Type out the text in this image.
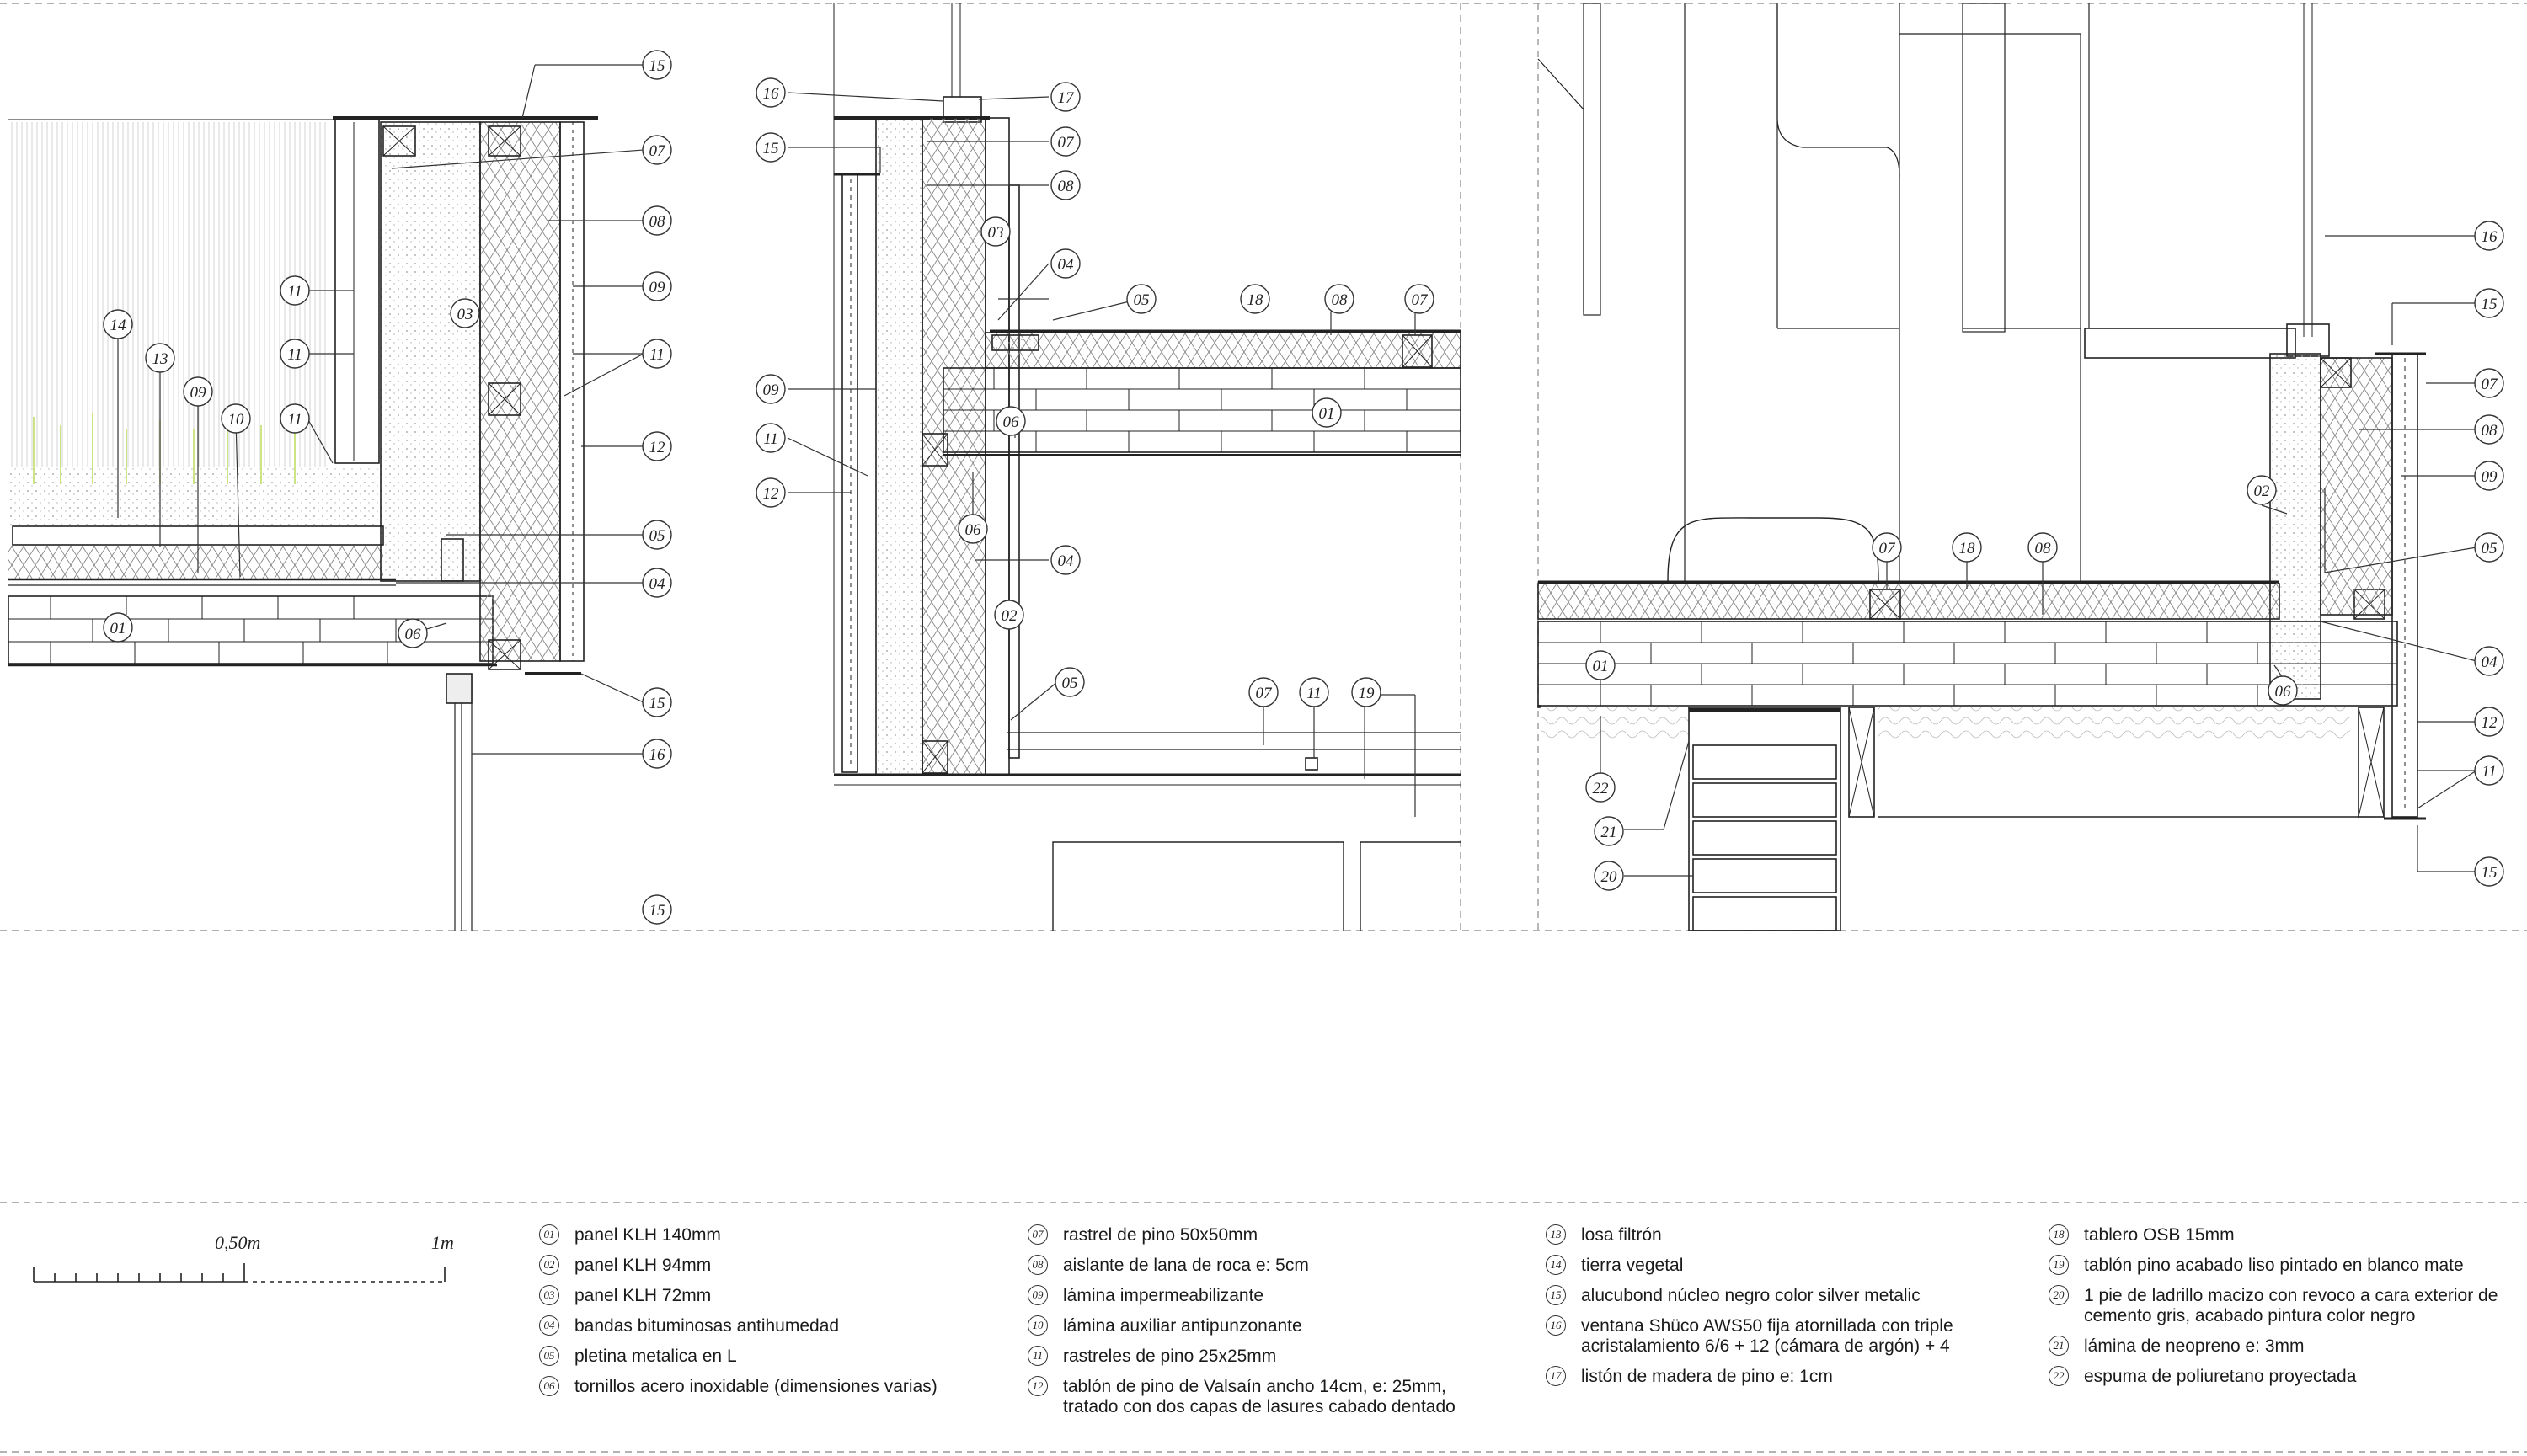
15
07
08
09
11
11	11
03
14
13
09
10	11
15
05
04
01	06
15
16
12
16	17
15	07
08
03
04
05	18	08	07
09
11
12
06	01
06
04
02
05
07 11 19
16
15
07
08
09
02
05
07	18	08
01
06
04
12
11
22
21
20	15
0,50m	1m	01 panel KLH 140mm
02 panel KLH 94mm
03 panel KLH 72mm
04 bandas bituminosas antihumedad
05 pletina metalica en L
06 tornillos acero inoxidable (dimensiones varias)
07 rastrel de pino 50x50mm
08 aislante de lana de roca e: 5cm
09 lámina impermeabilizante
10 lámina auxiliar antipunzonante
11 rastreles de pino 25x25mm
12 tablón de pino de Valsaín ancho 14cm, e: 25mm, tratado con dos capas de lasures cabado dentado
13 losa filtrón
14 tierra vegetal
15 alucubond núcleo negro color silver metalic
16 ventana Shüco AWS50 fija atornillada con triple acristalamiento 6/6 + 12 (cámara de argón) + 4
17 listón de madera de pino e: 1cm
18 tablero OSB 15mm
19 tablón pino acabado liso pintado en blanco mate
20 1 pie de ladrillo macizo con revoco a cara exterior de cemento gris, acabado pintura color negro
21 lámina de neopreno e: 3mm
22 espuma de poliuretano proyectada
